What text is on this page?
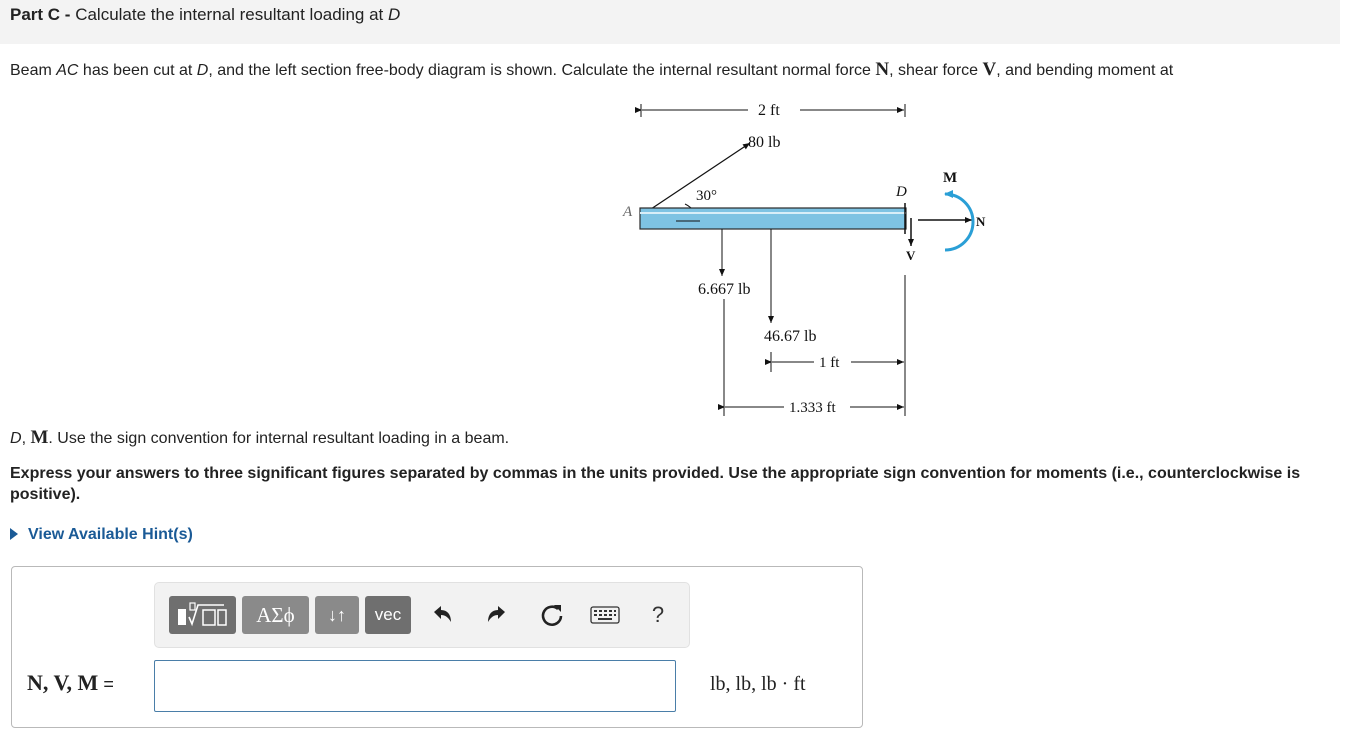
Part C - Calculate the internal resultant loading at D
Beam AC has been cut at D, and the left section free-body diagram is shown. Calculate the internal resultant normal force N, shear force V, and bending moment at
D, M. Use the sign convention for internal resultant loading in a beam.
2 ft
80 lb
30°
A
D
V
N
M
6.667 lb
46.67 lb
1 ft
1.333 ft
Express your answers to three significant figures separated by commas in the units provided. Use the appropriate sign convention for moments (i.e., counterclockwise is positive).
View Available Hint(s)
ΑΣϕ	↓↑	vec	?
N, V, M =	lb, lb, lb · ft
